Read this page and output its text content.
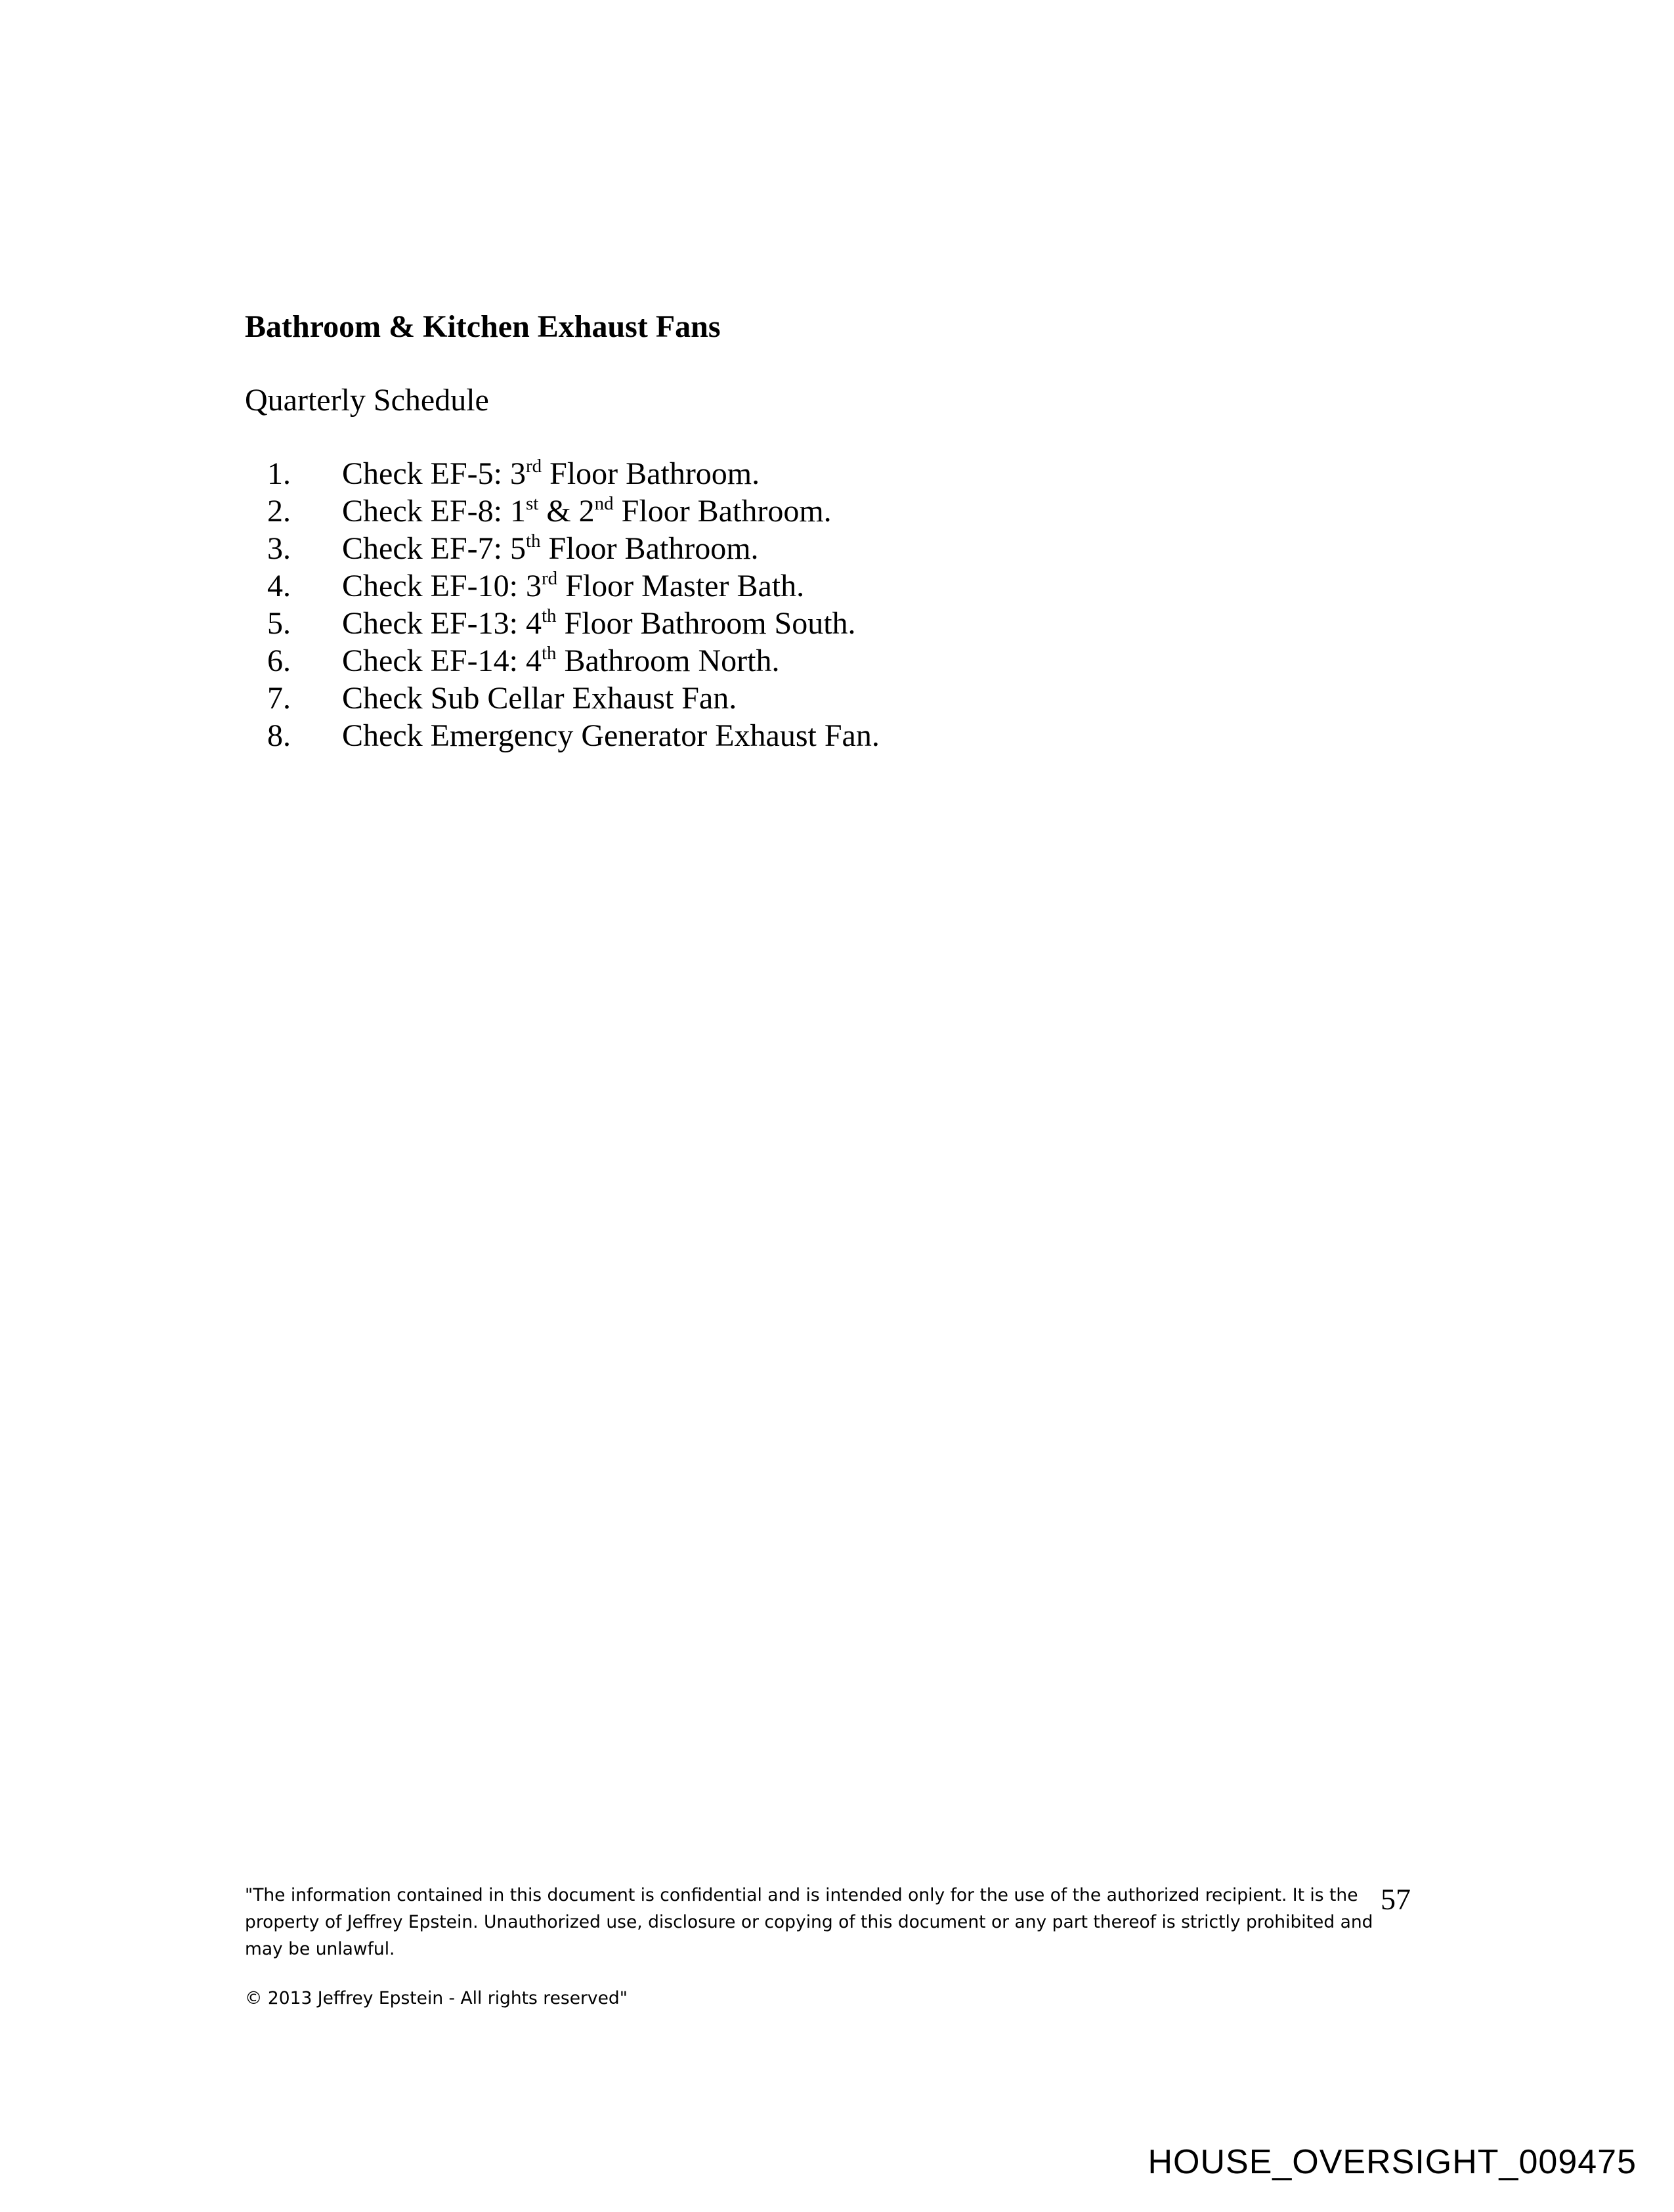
Bathroom & Kitchen Exhaust Fans
Quarterly Schedule
1. Check EF-5: 3rd Floor Bathroom.
2. Check EF-8: 1st & 2nd Floor Bathroom.
3. Check EF-7: 5th Floor Bathroom.
4. Check EF-10: 3rd Floor Master Bath.
5. Check EF-13: 4th Floor Bathroom South.
6. Check EF-14: 4th Bathroom North.
7. Check Sub Cellar Exhaust Fan.
8. Check Emergency Generator Exhaust Fan.

"The information contained in this document is confidential and is intended only for the use of the authorized recipient. It is the property of Jeffrey Epstein. Unauthorized use, disclosure or copying of this document or any part thereof is strictly prohibited and may be unlawful.

57
© 2013 Jeffrey Epstein - All rights reserved"
HOUSE_OVERSIGHT_009475
